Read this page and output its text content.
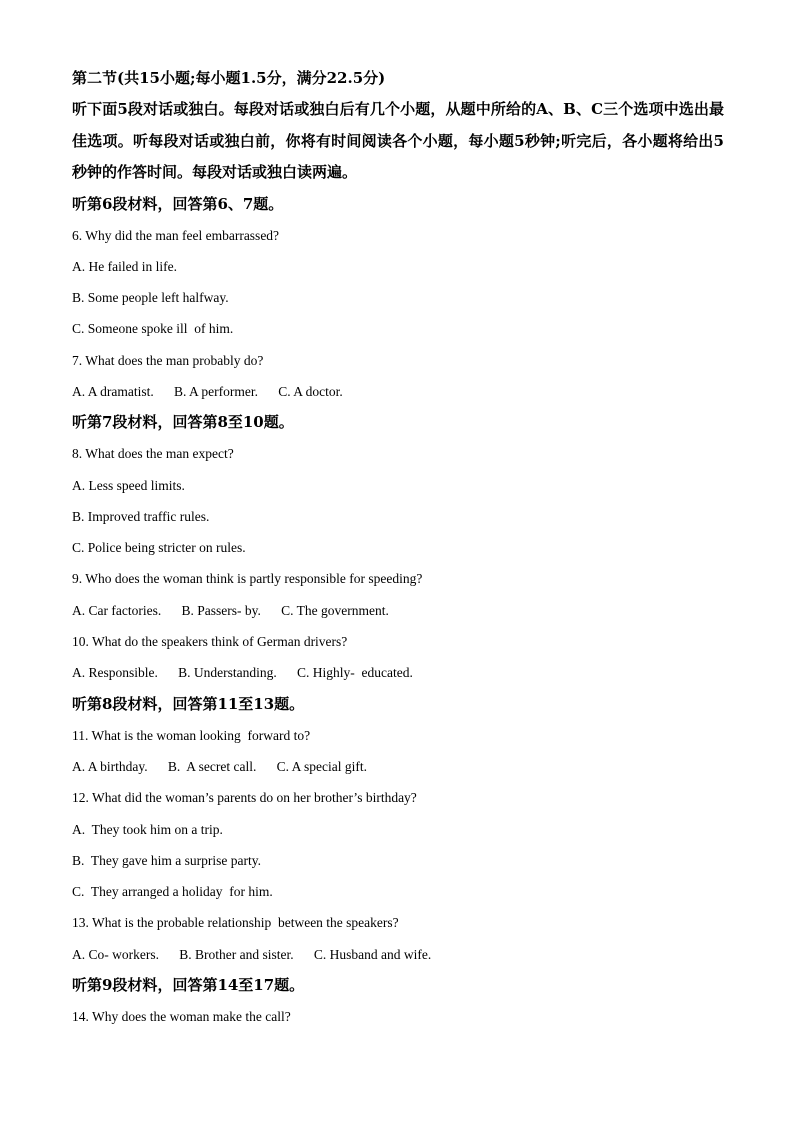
第二节(共15小题;每小题1.5分，满分22.5分)

听下面5段对话或独白。每段对话或独白后有几个小题，从题中所给的A、B、C三个选项中选出最佳选项。听每段对话或独白前，你将有时间阅读各个小题，每小题5秒钟;听完后，各小题将给出5秒钟的作答时间。每段对话或独白读两遍。

听第6段材料，回答第6、7题。

6. Why did the man feel embarrassed?

A. He failed in life.

B. Some people left halfway.

C. Someone spoke ill  of him.

7. What does the man probably do?

A. A dramatist.      B. A performer.      C. A doctor.

听第7段材料，回答第8至10题。

8. What does the man expect?

A. Less speed limits.

B. Improved traffic rules.

C. Police being stricter on rules.

9. Who does the woman think is partly responsible for speeding?

A. Car factories.      B. Passers- by.      C. The government.

10. What do the speakers think of German drivers?

A. Responsible.      B. Understanding.      C. Highly-  educated.

听第8段材料，回答第11至13题。

11. What is the woman looking  forward to?

A. A birthday.      B.  A secret call.      C. A special gift.

12. What did the woman’s parents do on her brother’s birthday?

A.  They took him on a trip.

B.  They gave him a surprise party.

C.  They arranged a holiday  for him.

13. What is the probable relationship  between the speakers?

A. Co- workers.      B. Brother and sister.      C. Husband and wife.

听第9段材料，回答第14至17题。

14. Why does the woman make the call?
